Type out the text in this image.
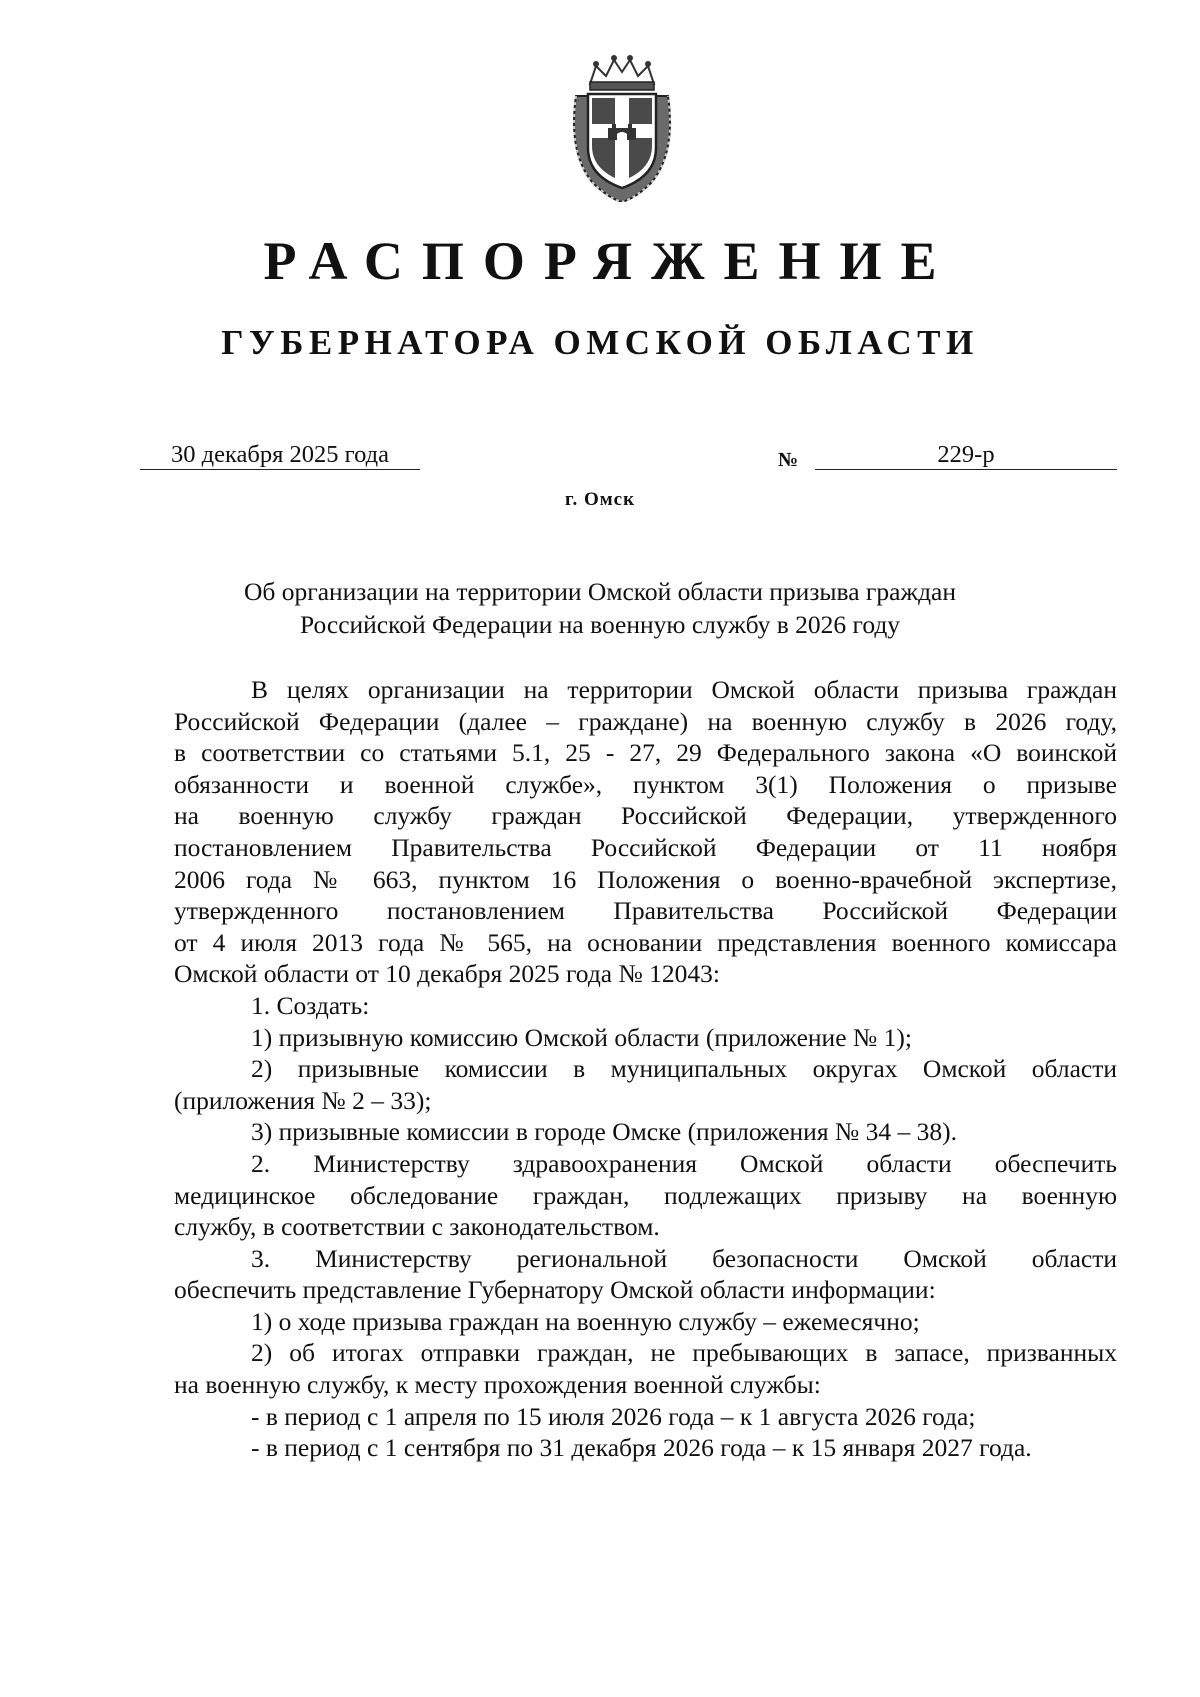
РАСПОРЯЖЕНИЕ
ГУБЕРНАТОРА ОМСКОЙ ОБЛАСТИ
30 декабря 2025 года	№	229-р
г. Омск
Об организации на территории Омской области призыва граждан
Российской Федерации на военную службу в 2026 году

В целях организации на территории Омской области призыва граждан

Российской Федерации (далее – граждане) на военную службу в 2026 году,

в соответствии со статьями 5.1, 25 - 27, 29 Федерального закона «О воинской

обязанности и военной службе», пунктом 3(1) Положения о призыве

на военную службу граждан Российской Федерации, утвержденного

постановлением Правительства Российской Федерации от 11 ноября

2006 года № 663, пунктом 16 Положения о военно-врачебной экспертизе,

утвержденного постановлением Правительства Российской Федерации

от 4 июля 2013 года № 565, на основании представления военного комиссара

Омской области от 10 декабря 2025 года № 12043:

1. Создать:

1) призывную комиссию Омской области (приложение № 1);

2) призывные комиссии в муниципальных округах Омской области

(приложения № 2 – 33);

3) призывные комиссии в городе Омске (приложения № 34 – 38).

2. Министерству здравоохранения Омской области обеспечить

медицинское обследование граждан, подлежащих призыву на военную

службу, в соответствии с законодательством.

3. Министерству региональной безопасности Омской области

обеспечить представление Губернатору Омской области информации:

1) о ходе призыва граждан на военную службу – ежемесячно;

2) об итогах отправки граждан, не пребывающих в запасе, призванных

на военную службу, к месту прохождения военной службы:

- в период с 1 апреля по 15 июля 2026 года – к 1 августа 2026 года;

- в период с 1 сентября по 31 декабря 2026 года – к 15 января 2027 года.
